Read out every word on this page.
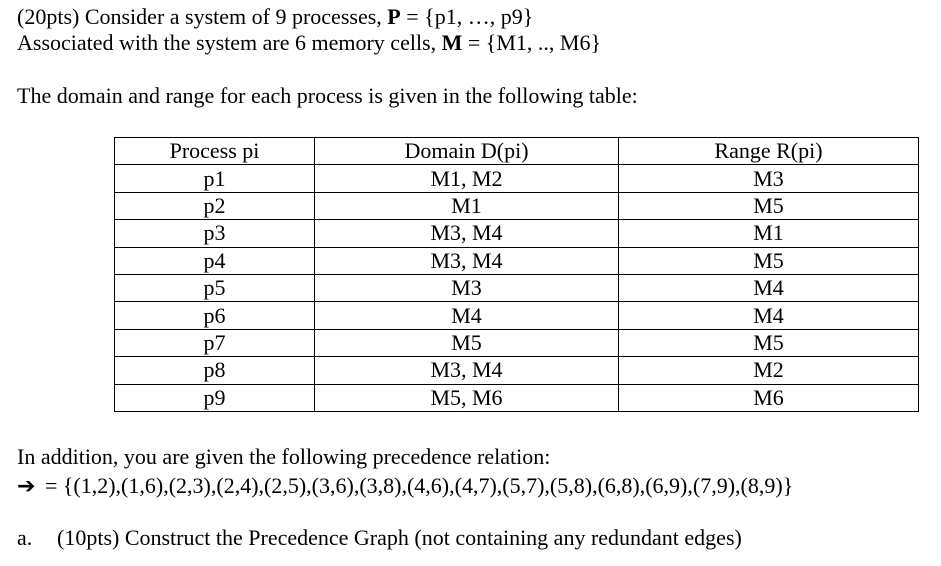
(20pts) Consider a system of 9 processes, P = {p1, …, p9}
Associated with the system are 6 memory cells, M = {M1, .., M6}
The domain and range for each process is given in the following table:
Process pi	Domain D(pi)	Range R(pi)
p1	M1, M2	M3
p2	M1	M5
p3	M3, M4	M1
p4	M3, M4	M5
p5	M3	M4
p6	M4	M4
p7	M5	M5
p8	M3, M4	M2
p9	M5, M6	M6
In addition, you are given the following precedence relation:
➔ = {(1,2),(1,6),(2,3),(2,4),(2,5),(3,6),(3,8),(4,6),(4,7),(5,7),(5,8),(6,8),(6,9),(7,9),(8,9)}
a. (10pts) Construct the Precedence Graph (not containing any redundant edges)
